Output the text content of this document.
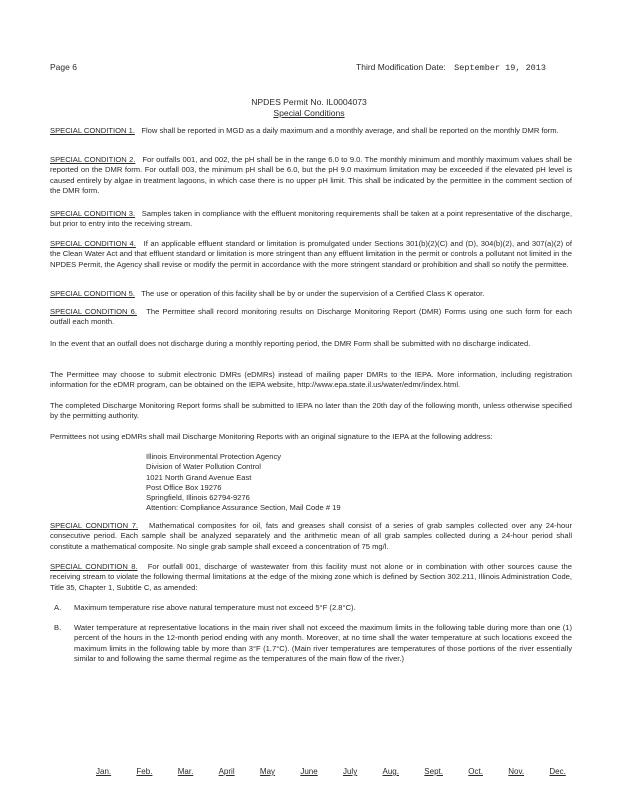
Page 6	Third Modification Date: September 19, 2013
NPDES Permit No. IL0004073
Special Conditions

SPECIAL CONDITION 1. Flow shall be reported in MGD as a daily maximum and a monthly average, and shall be reported on the monthly DMR form.

SPECIAL CONDITION 2. For outfalls 001, and 002, the pH shall be in the range 6.0 to 9.0. The monthly minimum and monthly maximum values shall be reported on the DMR form. For outfall 003, the minimum pH shall be 6.0, but the pH 9.0 maximum limitation may be exceeded if the elevated pH level is caused entirely by algae in treatment lagoons, in which case there is no upper pH limit. This shall be indicated by the permittee in the comment section of the DMR form.

SPECIAL CONDITION 3. Samples taken in compliance with the effluent monitoring requirements shall be taken at a point representative of the discharge, but prior to entry into the receiving stream.

SPECIAL CONDITION 4. If an applicable effluent standard or limitation is promulgated under Sections 301(b)(2)(C) and (D), 304(b)(2), and 307(a)(2) of the Clean Water Act and that effluent standard or limitation is more stringent than any effluent limitation in the permit or controls a pollutant not limited in the NPDES Permit, the Agency shall revise or modify the permit in accordance with the more stringent standard or prohibition and shall so notify the permittee.

SPECIAL CONDITION 5. The use or operation of this facility shall be by or under the supervision of a Certified Class K operator.

SPECIAL CONDITION 6. The Permittee shall record monitoring results on Discharge Monitoring Report (DMR) Forms using one such form for each outfall each month.

In the event that an outfall does not discharge during a monthly reporting period, the DMR Form shall be submitted with no discharge indicated.

The Permittee may choose to submit electronic DMRs (eDMRs) instead of mailing paper DMRs to the IEPA. More information, including registration information for the eDMR program, can be obtained on the IEPA website, http://www.epa.state.il.us/water/edmr/index.html.

The completed Discharge Monitoring Report forms shall be submitted to IEPA no later than the 20th day of the following month, unless otherwise specified by the permitting authority.

Permittees not using eDMRs shall mail Discharge Monitoring Reports with an original signature to the IEPA at the following address:

Illinois Environmental Protection Agency
Division of Water Pollution Control
1021 North Grand Avenue East
Post Office Box 19276
Springfield, Illinois 62794-9276
Attention: Compliance Assurance Section, Mail Code # 19

SPECIAL CONDITION 7. Mathematical composites for oil, fats and greases shall consist of a series of grab samples collected over any 24-hour consecutive period. Each sample shall be analyzed separately and the arithmetic mean of all grab samples collected during a 24-hour period shall constitute a mathematical composite. No single grab sample shall exceed a concentration of 75 mg/l.

SPECIAL CONDITION 8. For outfall 001, discharge of wastewater from this facility must not alone or in combination with other sources cause the receiving stream to violate the following thermal limitations at the edge of the mixing zone which is defined by Section 302.211, Illinois Administration Code, Title 35, Chapter 1, Subtitle C, as amended:

A. Maximum temperature rise above natural temperature must not exceed 5°F (2.8°C).
B. Water temperature at representative locations in the main river shall not exceed the maximum limits in the following table during more than one (1) percent of the hours in the 12-month period ending with any month. Moreover, at no time shall the water temperature at such locations exceed the maximum limits in the following table by more than 3°F (1.7°C). (Main river temperatures are temperatures of those portions of the river essentially similar to and following the same thermal regime as the temperatures of the main flow of the river.)
Jan.	Feb.	Mar.	April	May	June	July	Aug.	Sept.	Oct.	Nov.	Dec.
